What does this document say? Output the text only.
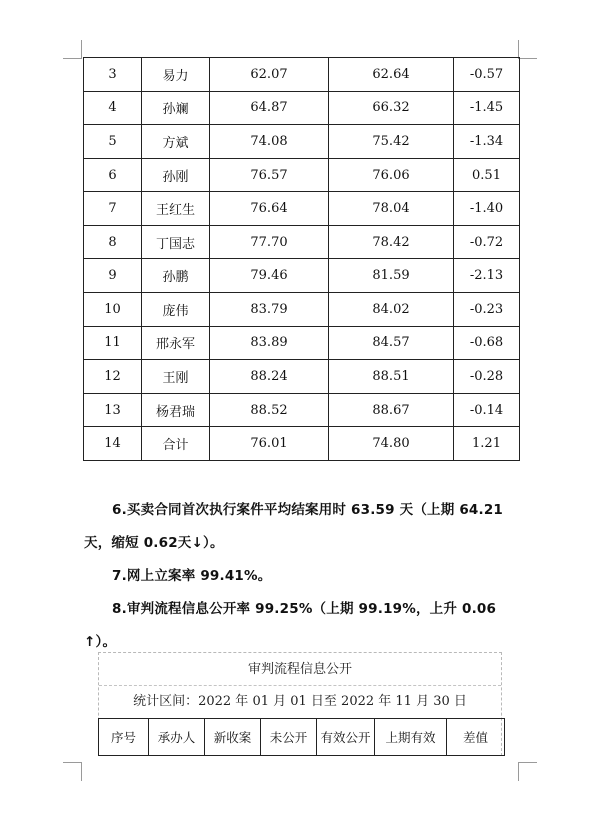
3	易力	62.07	62.64	-0.57
4	孙斓	64.87	66.32	-1.45
5	方斌	74.08	75.42	-1.34
6	孙刚	76.57	76.06	0.51
7	王红生	76.64	78.04	-1.40
8	丁国志	77.70	78.42	-0.72
9	孙鹏	79.46	81.59	-2.13
10	庞伟	83.79	84.02	-0.23
11	邢永军	83.89	84.57	-0.68
12	王刚	88.24	88.51	-0.28
13	杨君瑞	88.52	88.67	-0.14
14	合计	76.01	74.80	1.21

6.买卖合同首次执行案件平均结案用时 63.59 天（上期 64.21天，缩短 0.62天↓）。

7.网上立案率 99.41%。

8.审判流程信息公开率 99.25%（上期 99.19%，上升 0.06 ↑）。

审判流程信息公开
统计区间：2022 年 01 月 01 日至 2022 年 11 月 30 日
序号	承办人	新收案	未公开	有效公开	上期有效	差值
